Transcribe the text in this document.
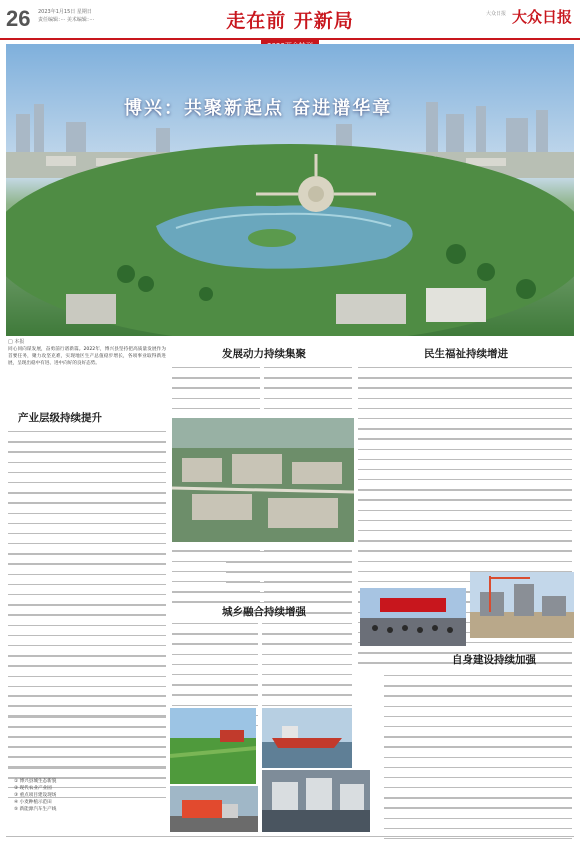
26 2023年1月15日 星期日
责任编辑：··· 美术编辑：···	走在前 开新局	大众日报 大众日报
博兴：共聚新起点 奋进谱华章
□ 本报
同心同向谋发展，奋勇前行谱新篇。2022年，博兴县坚持把高质量发展作为首要任务，聚力攻坚克难，实现地区生产总值稳步增长，各项事业取得新进展，呈现出稳中有进、进中向好的良好态势。
产业层级持续提升
① 博兴县城生态新貌
② 现代农业产业园
③ 重点项目建设现场
④ 小麦种植示范田
⑤ 新能源汽车生产线
发展动力持续集聚	民生福祉持续增进
城乡融合持续增强
自身建设持续加强
